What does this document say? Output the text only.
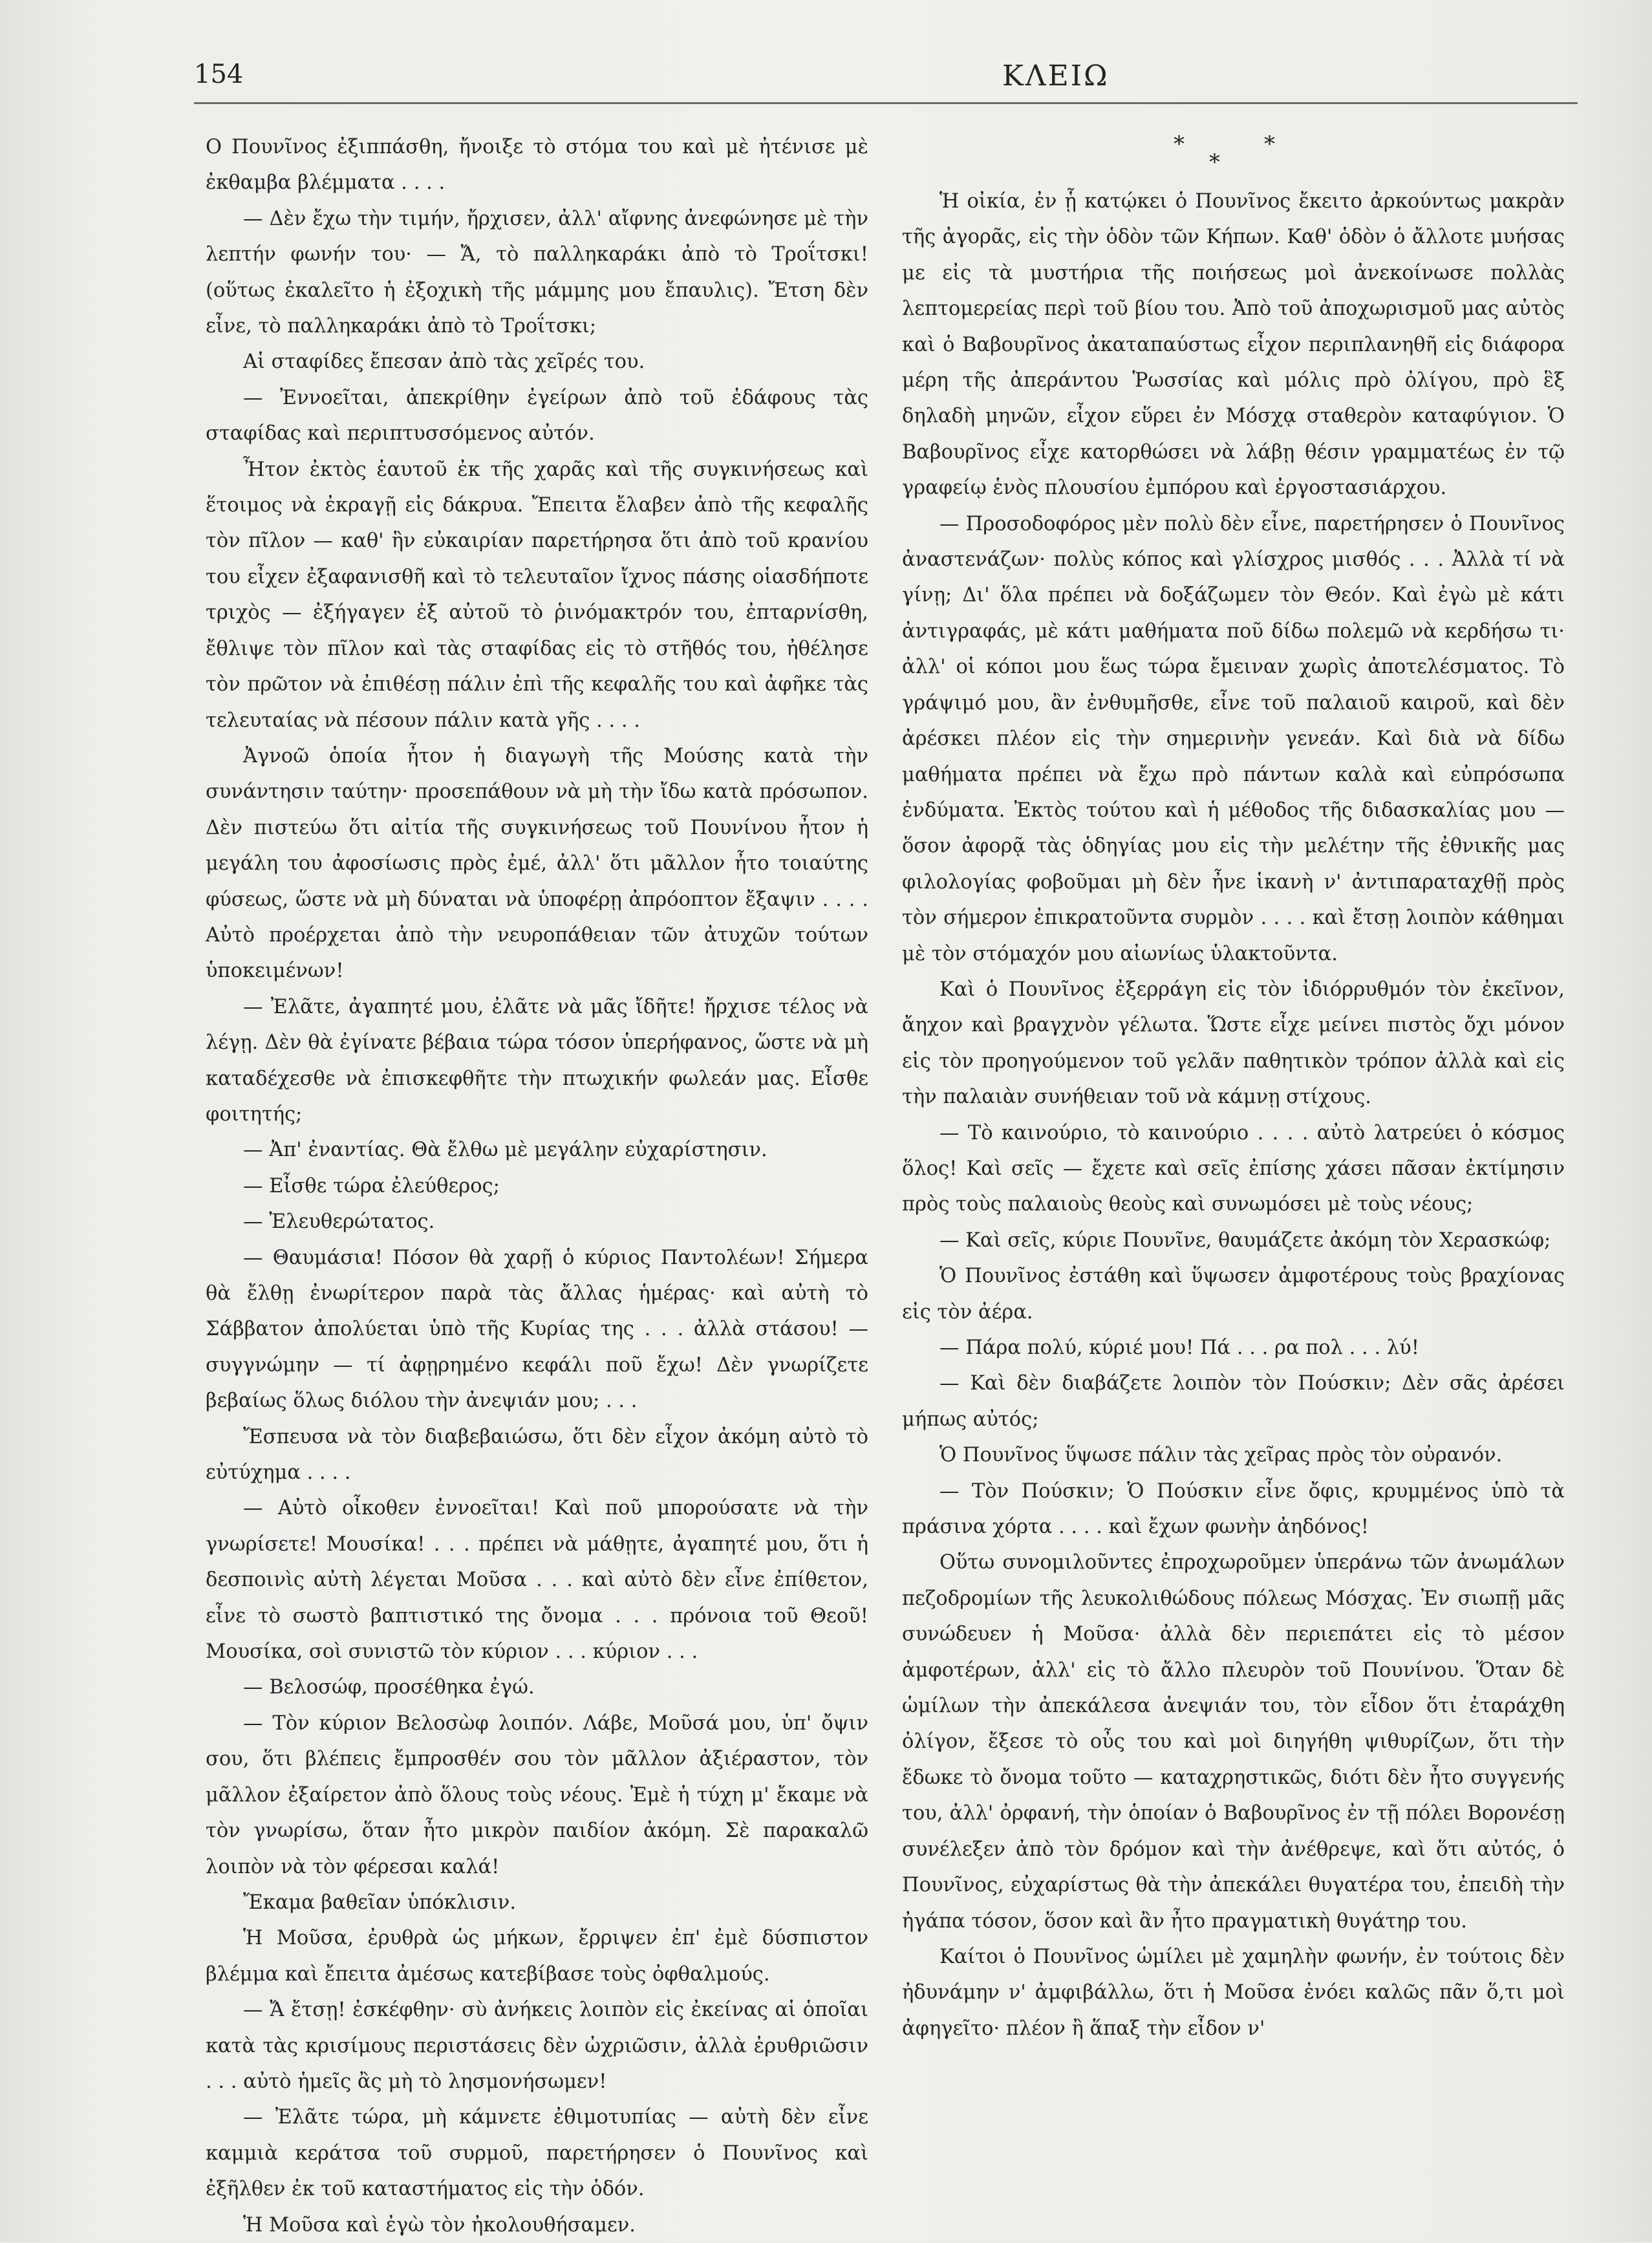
154	ΚΛΕΙΩ

Ο Πουνῖνος ἐξιππάσθη, ἤνοιξε τὸ στόμα του καὶ μὲ ἠτένισε μὲ ἐκθαμβα βλέμματα . . . .

— Δὲν ἔχω τὴν τιμήν, ἤρχισεν, ἀλλ' αἴφνης ἀνεφώνησε μὲ τὴν λεπτήν φωνήν του· — Ἄ, τὸ παλληκαράκι ἀπὸ τὸ Τροΐτσκι! (οὕτως ἐκαλεῖτο ἡ ἐξοχικὴ τῆς μάμμης μου ἔπαυλις). Ἔτση δὲν εἶνε, τὸ παλληκαράκι ἀπὸ τὸ Τροΐτσκι;

Αἱ σταφίδες ἔπεσαν ἀπὸ τὰς χεῖρές του.

— Ἐννοεῖται, ἀπεκρίθην ἐγείρων ἀπὸ τοῦ ἐδάφους τὰς σταφίδας καὶ περιπτυσσόμενος αὐτόν.

Ἦτον ἐκτὸς ἑαυτοῦ ἐκ τῆς χαρᾶς καὶ τῆς συγκινήσεως καὶ ἕτοιμος νὰ ἐκραγῇ εἰς δάκρυα. Ἔπειτα ἔλαβεν ἀπὸ τῆς κεφαλῆς τὸν πῖλον — καθ' ἣν εὐκαιρίαν παρετήρησα ὅτι ἀπὸ τοῦ κρανίου του εἶχεν ἐξαφανισθῆ καὶ τὸ τελευταῖον ἴχνος πάσης οἱασδήποτε τριχὸς — ἐξήγαγεν ἐξ αὐτοῦ τὸ ῥινόμακτρόν του, ἐπταρνίσθη, ἔθλιψε τὸν πῖλον καὶ τὰς σταφίδας εἰς τὸ στῆθός του, ἠθέλησε τὸν πρῶτον νὰ ἐπιθέσῃ πάλιν ἐπὶ τῆς κεφαλῆς του καὶ ἀφῆκε τὰς τελευταίας νὰ πέσουν πάλιν κατὰ γῆς . . . .

Ἀγνοῶ ὁποία ἦτον ἡ διαγωγὴ τῆς Μούσης κατὰ τὴν συνάντησιν ταύτην· προσεπάθουν νὰ μὴ τὴν ἴδω κατὰ πρόσωπον. Δὲν πιστεύω ὅτι αἰτία τῆς συγκινήσεως τοῦ Πουνίνου ἦτον ἡ μεγάλη του ἀφοσίωσις πρὸς ἐμέ, ἀλλ' ὅτι μᾶλλον ἦτο τοιαύτης φύσεως, ὥστε νὰ μὴ δύναται νὰ ὑποφέρῃ ἀπρόοπτον ἔξαψιν . . . . Αὐτὸ προέρχεται ἀπὸ τὴν νευροπάθειαν τῶν ἀτυχῶν τούτων ὑποκειμένων!

— Ἐλᾶτε, ἀγαπητέ μου, ἐλᾶτε νὰ μᾶς ἴδῆτε! ἤρχισε τέλος νὰ λέγῃ. Δὲν θὰ ἐγίνατε βέβαια τώρα τόσον ὑπερήφανος, ὥστε νὰ μὴ καταδέχεσθε νὰ ἐπισκεφθῆτε τὴν πτωχικήν φωλεάν μας. Εἶσθε φοιτητής;

— Ἀπ' ἐναντίας. Θὰ ἔλθω μὲ μεγάλην εὐχαρίστησιν.

— Εἶσθε τώρα ἐλεύθερος;

— Ἐλευθερώτατος.

— Θαυμάσια! Πόσον θὰ χαρῇ ὁ κύριος Παντολέων! Σήμερα θὰ ἔλθῃ ἐνωρίτερον παρὰ τὰς ἄλλας ἡμέρας· καὶ αὐτὴ τὸ Σάββατον ἀπολύεται ὑπὸ τῆς Κυρίας της . . . ἀλλὰ στάσου! — συγγνώμην — τί ἀφῃρημένο κεφάλι ποῦ ἔχω! Δὲν γνωρίζετε βεβαίως ὅλως διόλου τὴν ἀνεψιάν μου; . . .

Ἔσπευσα νὰ τὸν διαβεβαιώσω, ὅτι δὲν εἶχον ἀκόμη αὐτὸ τὸ εὐτύχημα . . . .

— Αὐτὸ οἶκοθεν ἐννοεῖται! Καὶ ποῦ μπορούσατε νὰ τὴν γνωρίσετε! Μουσίκα! . . . πρέπει νὰ μάθῃτε, ἀγαπητέ μου, ὅτι ἡ δεσποινὶς αὐτὴ λέγεται Μοῦσα . . . καὶ αὐτὸ δὲν εἶνε ἐπίθετον, εἶνε τὸ σωστὸ βαπτιστικό της ὄνομα . . . πρόνοια τοῦ Θεοῦ! Μουσίκα, σοὶ συνιστῶ τὸν κύριον . . . κύριον . . .

— Βελοσώφ, προσέθηκα ἐγώ.

— Τὸν κύριον Βελοσὼφ λοιπόν. Λάβε, Μοῦσά μου, ὑπ' ὄψιν σου, ὅτι βλέπεις ἔμπροσθέν σου τὸν μᾶλλον ἀξιέραστον, τὸν μᾶλλον ἐξαίρετον ἀπὸ ὅλους τοὺς νέους. Ἐμὲ ἡ τύχη μ' ἔκαμε νὰ τὸν γνωρίσω, ὅταν ἦτο μικρὸν παιδίον ἀκόμη. Σὲ παρακαλῶ λοιπὸν νὰ τὸν φέρεσαι καλά!

Ἔκαμα βαθεῖαν ὑπόκλισιν.

Ἡ Μοῦσα, ἐρυθρὰ ὡς μήκων, ἔρριψεν ἐπ' ἐμὲ δύσπιστον βλέμμα καὶ ἔπειτα ἀμέσως κατεβίβασε τοὺς ὀφθαλμούς.

— Ἄ ἔτσῃ! ἐσκέφθην· σὺ ἀνήκεις λοιπὸν εἰς ἐκείνας αἱ ὁποῖαι κατὰ τὰς κρισίμους περιστάσεις δὲν ὠχριῶσιν, ἀλλὰ ἐρυθριῶσιν . . . αὐτὸ ἡμεῖς ἂς μὴ τὸ λησμονήσωμεν!

— Ἐλᾶτε τώρα, μὴ κάμνετε ἐθιμοτυπίας — αὐτὴ δὲν εἶνε καμμιὰ κεράτσα τοῦ συρμοῦ, παρετήρησεν ὁ Πουνῖνος καὶ ἐξῆλθεν ἐκ τοῦ καταστήματος εἰς τὴν ὁδόν.

Ἡ Μοῦσα καὶ ἐγὼ τὸν ἠκολουθήσαμεν.

*
*
*

Ἡ οἰκία, ἐν ᾗ κατῴκει ὁ Πουνῖνος ἔκειτο ἀρκούντως μακρὰν τῆς ἀγορᾶς, εἰς τὴν ὁδὸν τῶν Κήπων. Καθ' ὁδὸν ὁ ἄλλοτε μυήσας με εἰς τὰ μυστήρια τῆς ποιήσεως μοὶ ἀνεκοίνωσε πολλὰς λεπτομερείας περὶ τοῦ βίου του. Ἀπὸ τοῦ ἀποχωρισμοῦ μας αὐτὸς καὶ ὁ Βαβουρῖνος ἀκαταπαύστως εἶχον περιπλανηθῆ εἰς διάφορα μέρη τῆς ἀπεράντου Ῥωσσίας καὶ μόλις πρὸ ὀλίγου, πρὸ ἓξ δηλαδὴ μηνῶν, εἶχον εὕρει ἐν Μόσχᾳ σταθερὸν καταφύγιον. Ὁ Βαβουρῖνος εἶχε κατορθώσει νὰ λάβῃ θέσιν γραμματέως ἐν τῷ γραφείῳ ἑνὸς πλουσίου ἐμπόρου καὶ ἐργοστασιάρχου.

— Προσοδοφόρος μὲν πολὺ δὲν εἶνε, παρετήρησεν ὁ Πουνῖνος ἀναστενάζων· πολὺς κόπος καὶ γλίσχρος μισθός . . . Ἀλλὰ τί νὰ γίνῃ; Δι' ὅλα πρέπει νὰ δοξάζωμεν τὸν Θεόν. Καὶ ἐγὼ μὲ κάτι ἀντιγραφάς, μὲ κάτι μαθήματα ποῦ δίδω πολεμῶ νὰ κερδήσω τι· ἀλλ' οἱ κόποι μου ἕως τώρα ἔμειναν χωρὶς ἀποτελέσματος. Τὸ γράψιμό μου, ἂν ἐνθυμῆσθε, εἶνε τοῦ παλαιοῦ καιροῦ, καὶ δὲν ἀρέσκει πλέον εἰς τὴν σημερινὴν γενεάν. Καὶ διὰ νὰ δίδω μαθήματα πρέπει νὰ ἔχω πρὸ πάντων καλὰ καὶ εὐπρόσωπα ἐνδύματα. Ἐκτὸς τούτου καὶ ἡ μέθοδος τῆς διδασκαλίας μου — ὅσον ἀφορᾷ τὰς ὁδηγίας μου εἰς τὴν μελέτην τῆς ἐθνικῆς μας φιλολογίας φοβοῦμαι μὴ δὲν ἦνε ἱκανὴ ν' ἀντιπαραταχθῇ πρὸς τὸν σήμερον ἐπικρατοῦντα συρμὸν . . . . καὶ ἔτσῃ λοιπὸν κάθημαι μὲ τὸν στόμαχόν μου αἰωνίως ὑλακτοῦντα.

Καὶ ὁ Πουνῖνος ἐξερράγη εἰς τὸν ἰδιόρρυθμόν τὸν ἐκεῖνον, ἄηχον καὶ βραγχνὸν γέλωτα. Ὥστε εἶχε μείνει πιστὸς ὄχι μόνον εἰς τὸν προηγούμενον τοῦ γελᾶν παθητικὸν τρόπον ἀλλὰ καὶ εἰς τὴν παλαιὰν συνήθειαν τοῦ νὰ κάμνῃ στίχους.

— Τὸ καινούριο, τὸ καινούριο . . . . αὐτὸ λατρεύει ὁ κόσμος ὅλος! Καὶ σεῖς — ἔχετε καὶ σεῖς ἐπίσης χάσει πᾶσαν ἐκτίμησιν πρὸς τοὺς παλαιοὺς θεοὺς καὶ συνωμόσει μὲ τοὺς νέους;

— Καὶ σεῖς, κύριε Πουνῖνε, θαυμάζετε ἀκόμη τὸν Χερασκώφ;

Ὁ Πουνῖνος ἐστάθη καὶ ὕψωσεν ἀμφοτέρους τοὺς βραχίονας εἰς τὸν ἀέρα.

— Πάρα πολύ, κύριέ μου! Πά . . . ρα πολ . . . λύ!

— Καὶ δὲν διαβάζετε λοιπὸν τὸν Πούσκιν; Δὲν σᾶς ἀρέσει μήπως αὐτός;

Ὁ Πουνῖνος ὕψωσε πάλιν τὰς χεῖρας πρὸς τὸν οὐρανόν.

— Τὸν Πούσκιν; Ὁ Πούσκιν εἶνε ὄφις, κρυμμένος ὑπὸ τὰ πράσινα χόρτα . . . . καὶ ἔχων φωνὴν ἀηδόνος!

Οὕτω συνομιλοῦντες ἐπροχωροῦμεν ὑπεράνω τῶν ἀνωμάλων πεζοδρομίων τῆς λευκολιθώδους πόλεως Μόσχας. Ἐν σιωπῇ μᾶς συνώδευεν ἡ Μοῦσα· ἀλλὰ δὲν περιεπάτει εἰς τὸ μέσον ἀμφοτέρων, ἀλλ' εἰς τὸ ἄλλο πλευρὸν τοῦ Πουνίνου. Ὅταν δὲ ὡμίλων τὴν ἀπεκάλεσα ἀνεψιάν του, τὸν εἶδον ὅτι ἐταράχθη ὀλίγον, ἔξεσε τὸ οὖς του καὶ μοὶ διηγήθη ψιθυρίζων, ὅτι τὴν ἔδωκε τὸ ὄνομα τοῦτο — καταχρηστικῶς, διότι δὲν ἦτο συγγενής του, ἀλλ' ὀρφανή, τὴν ὁποίαν ὁ Βαβουρῖνος ἐν τῇ πόλει Βορονέσῃ συνέλεξεν ἀπὸ τὸν δρόμον καὶ τὴν ἀνέθρεψε, καὶ ὅτι αὐτός, ὁ Πουνῖνος, εὐχαρίστως θὰ τὴν ἀπεκάλει θυγατέρα του, ἐπειδὴ τὴν ἠγάπα τόσον, ὅσον καὶ ἂν ἦτο πραγματικὴ θυγάτηρ του.

Καίτοι ὁ Πουνῖνος ὡμίλει μὲ χαμηλὴν φωνήν, ἐν τούτοις δὲν ἠδυνάμην ν' ἀμφιβάλλω, ὅτι ἡ Μοῦσα ἐνόει καλῶς πᾶν ὅ,τι μοὶ ἀφηγεῖτο· πλέον ἢ ἅπαξ τὴν εἶδον ν'
